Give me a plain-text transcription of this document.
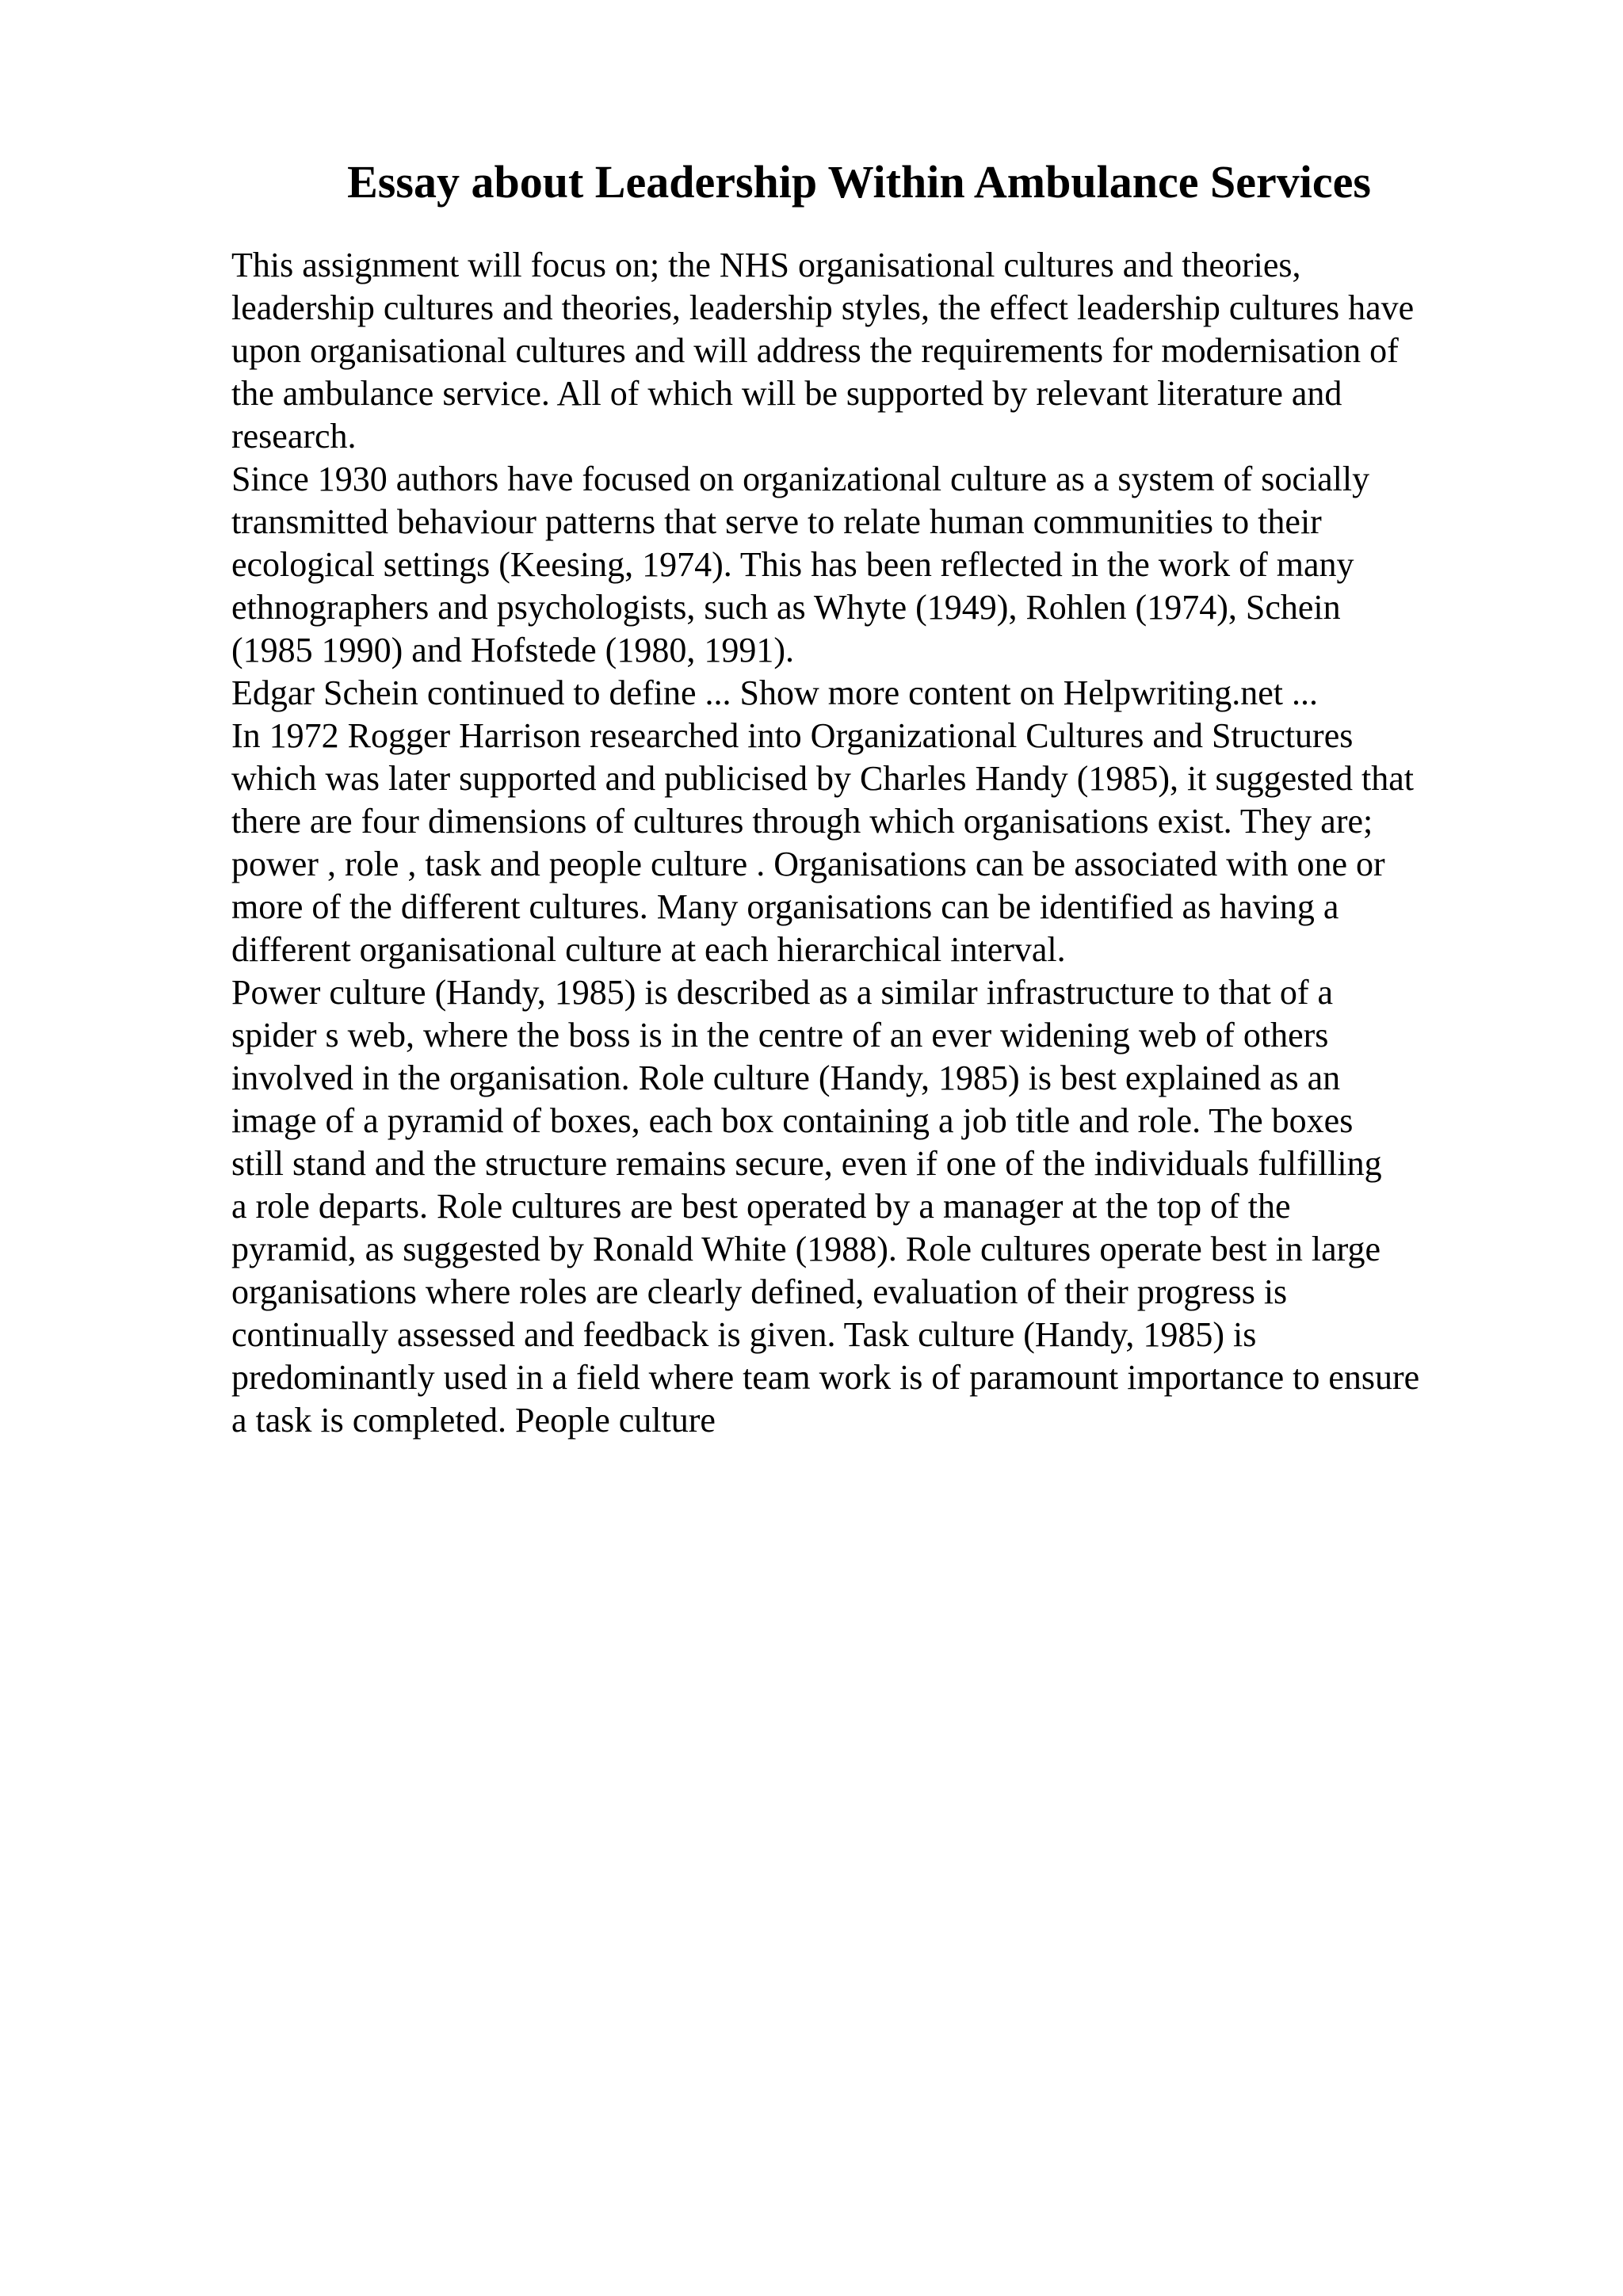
Essay about Leadership Within Ambulance Services
This assignment will focus on; the NHS organisational cultures and theories,
leadership cultures and theories, leadership styles, the effect leadership cultures have
upon organisational cultures and will address the requirements for modernisation of
the ambulance service. All of which will be supported by relevant literature and
research.
Since 1930 authors have focused on organizational culture as a system of socially
transmitted behaviour patterns that serve to relate human communities to their
ecological settings (Keesing, 1974). This has been reflected in the work of many
ethnographers and psychologists, such as Whyte (1949), Rohlen (1974), Schein
(1985 1990) and Hofstede (1980, 1991).
Edgar Schein continued to define ... Show more content on Helpwriting.net ...
In 1972 Rogger Harrison researched into Organizational Cultures and Structures
which was later supported and publicised by Charles Handy (1985), it suggested that
there are four dimensions of cultures through which organisations exist. They are;
power , role , task and people culture . Organisations can be associated with one or
more of the different cultures. Many organisations can be identified as having a
different organisational culture at each hierarchical interval.
Power culture (Handy, 1985) is described as a similar infrastructure to that of a
spider s web, where the boss is in the centre of an ever widening web of others
involved in the organisation. Role culture (Handy, 1985) is best explained as an
image of a pyramid of boxes, each box containing a job title and role. The boxes
still stand and the structure remains secure, even if one of the individuals fulfilling
a role departs. Role cultures are best operated by a manager at the top of the
pyramid, as suggested by Ronald White (1988). Role cultures operate best in large
organisations where roles are clearly defined, evaluation of their progress is
continually assessed and feedback is given. Task culture (Handy, 1985) is
predominantly used in a field where team work is of paramount importance to ensure
a task is completed. People culture
